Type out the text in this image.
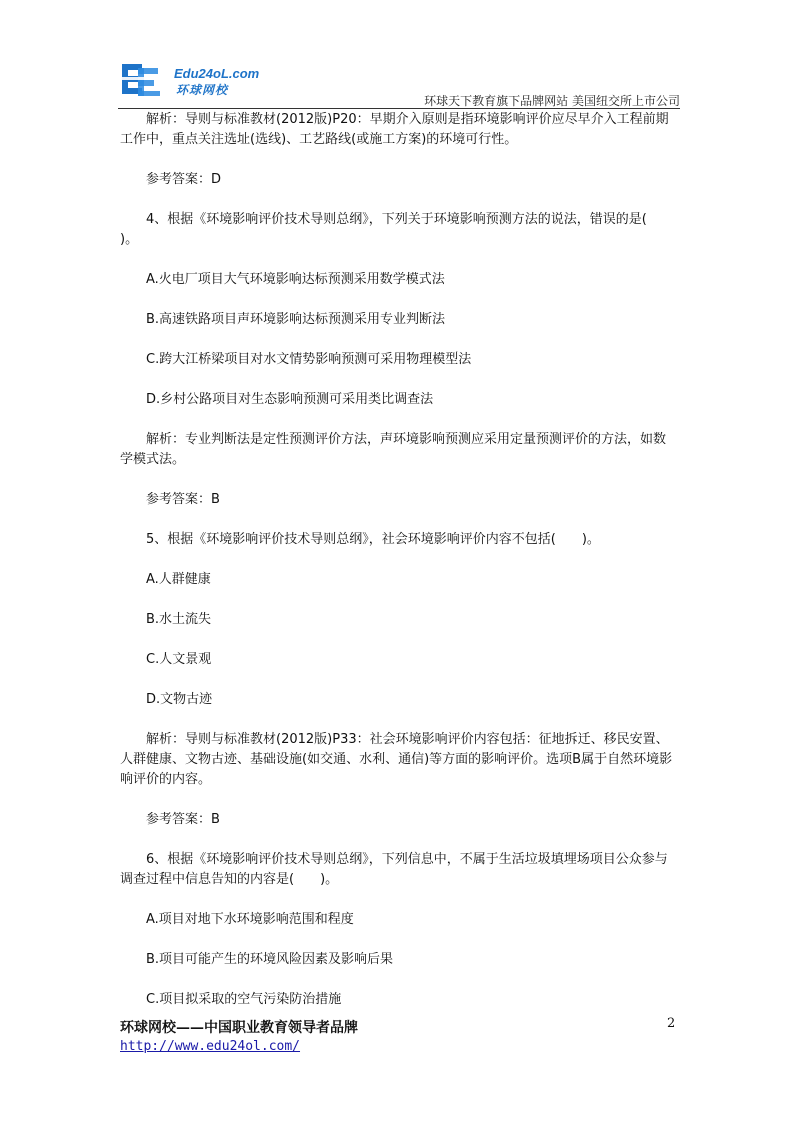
Edu24oL.com
环球网校
环球天下教育旗下品牌网站 美国纽交所上市公司

解析：导则与标准教材(2012版)P20：早期介入原则是指环境影响评价应尽早介入工程前期工作中，重点关注选址(选线)、工艺路线(或施工方案)的环境可行性。

参考答案：D

4、根据《环境影响评价技术导则总纲》，下列关于环境影响预测方法的说法，错误的是(　　)。

A.火电厂项目大气环境影响达标预测采用数学模式法

B.高速铁路项目声环境影响达标预测采用专业判断法

C.跨大江桥梁项目对水文情势影响预测可采用物理模型法

D.乡村公路项目对生态影响预测可采用类比调查法

解析：专业判断法是定性预测评价方法，声环境影响预测应采用定量预测评价的方法，如数学模式法。

参考答案：B

5、根据《环境影响评价技术导则总纲》，社会环境影响评价内容不包括(　　)。

A.人群健康

B.水土流失

C.人文景观

D.文物古迹

解析：导则与标准教材(2012版)P33：社会环境影响评价内容包括：征地拆迁、移民安置、人群健康、文物古迹、基础设施(如交通、水利、通信)等方面的影响评价。选项B属于自然环境影响评价的内容。

参考答案：B

6、根据《环境影响评价技术导则总纲》，下列信息中，不属于生活垃圾填埋场项目公众参与调查过程中信息告知的内容是(　　)。

A.项目对地下水环境影响范围和程度

B.项目可能产生的环境风险因素及影响后果

C.项目拟采取的空气污染防治措施

2
环球网校——中国职业教育领导者品牌
http://www.edu24ol.com/
